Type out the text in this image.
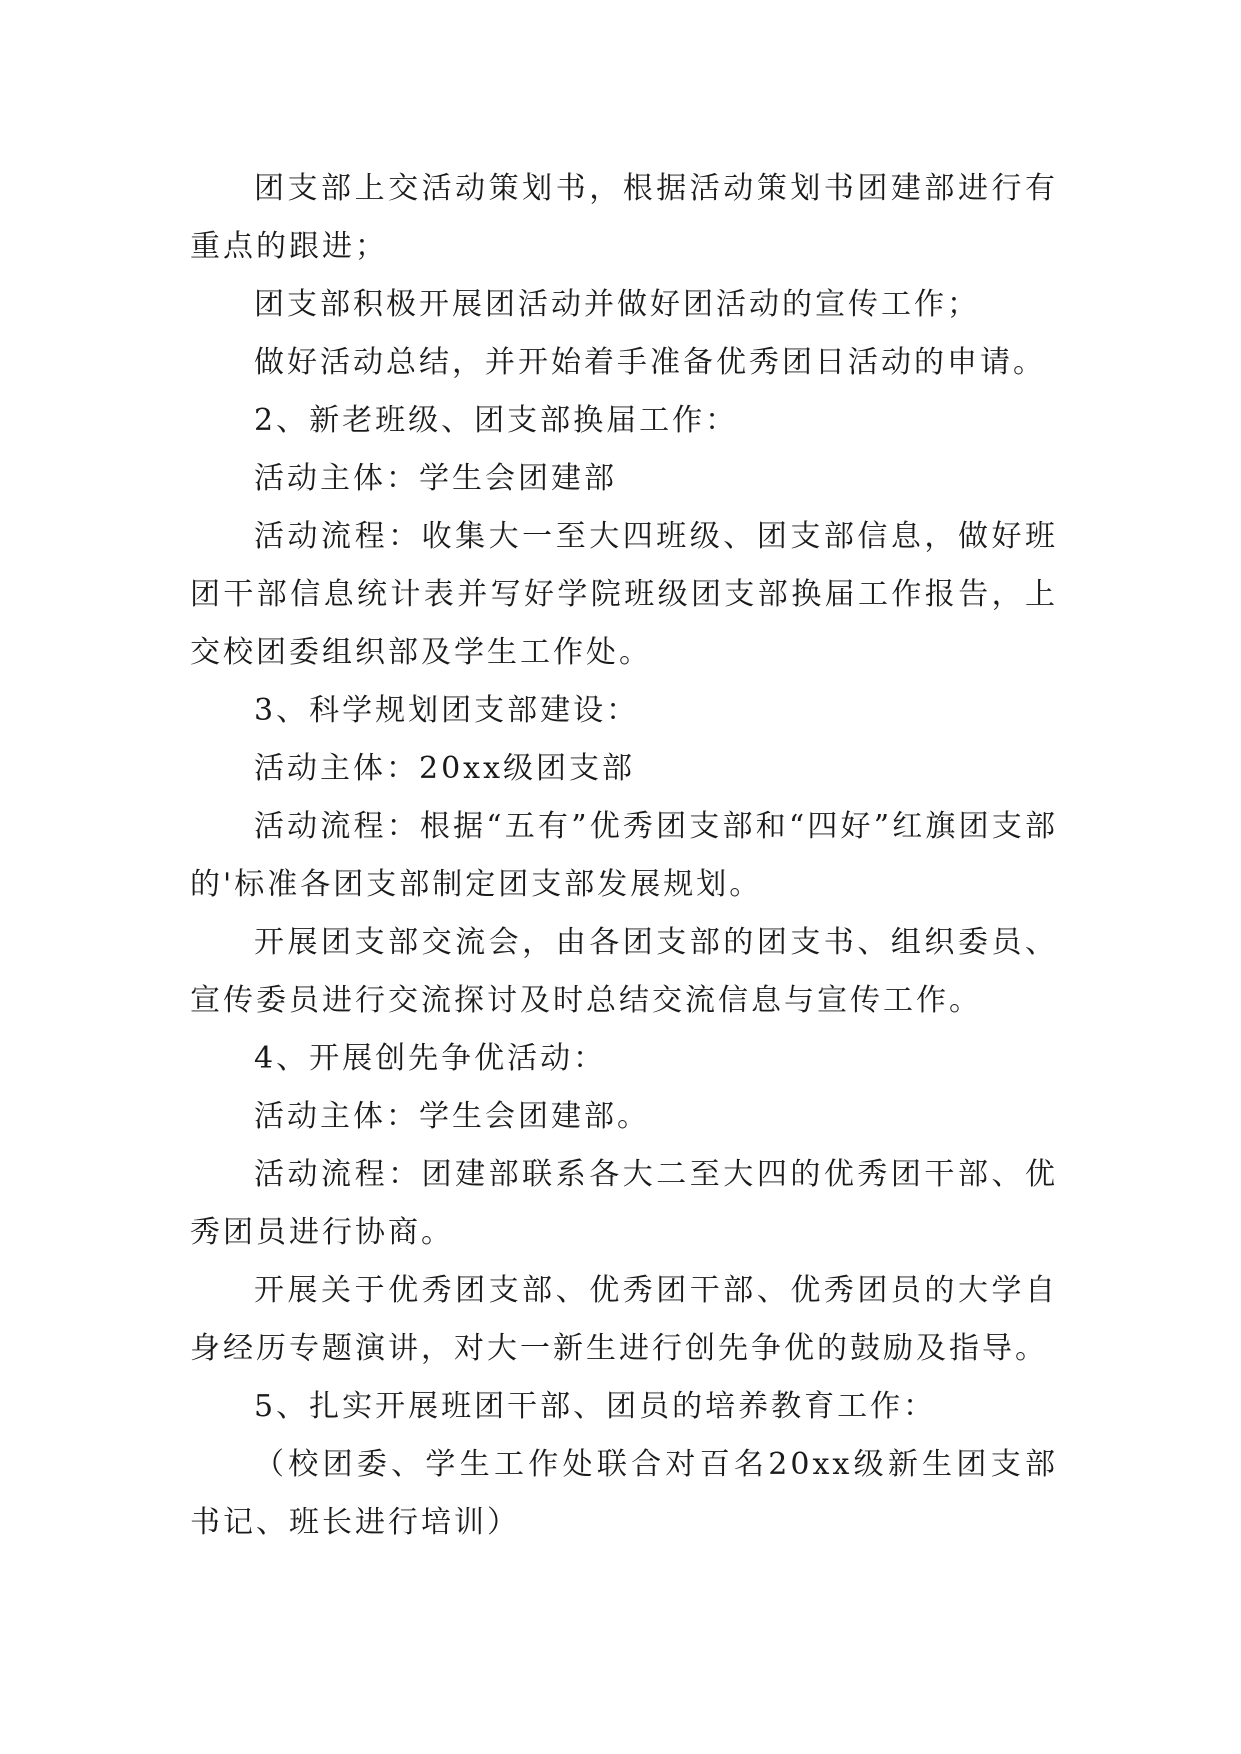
团支部上交活动策划书，根据活动策划书团建部进行有重点的跟进；

团支部积极开展团活动并做好团活动的宣传工作；

做好活动总结，并开始着手准备优秀团日活动的申请。

2、新老班级、团支部换届工作：

活动主体：学生会团建部

活动流程：收集大一至大四班级、团支部信息，做好班团干部信息统计表并写好学院班级团支部换届工作报告，上交校团委组织部及学生工作处。

3、科学规划团支部建设：

活动主体：20xx级团支部

活动流程：根据“五有”优秀团支部和“四好”红旗团支部的'标准各团支部制定团支部发展规划。

开展团支部交流会，由各团支部的团支书、组织委员、宣传委员进行交流探讨及时总结交流信息与宣传工作。

4、开展创先争优活动：

活动主体：学生会团建部。

活动流程：团建部联系各大二至大四的优秀团干部、优秀团员进行协商。

开展关于优秀团支部、优秀团干部、优秀团员的大学自身经历专题演讲，对大一新生进行创先争优的鼓励及指导。

5、扎实开展班团干部、团员的培养教育工作：

（校团委、学生工作处联合对百名20xx级新生团支部书记、班长进行培训）
